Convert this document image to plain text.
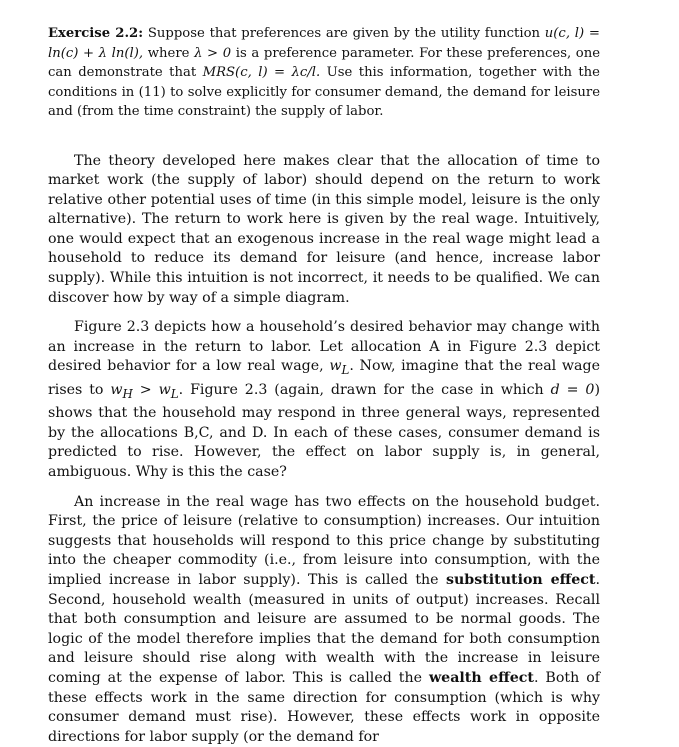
Exercise 2.2: Suppose that preferences are given by the utility function u(c, l) = ln(c) + λ ln(l), where λ > 0 is a preference parameter. For these preferences, one can demonstrate that MRS(c, l) = λc/l. Use this information, together with the conditions in (11) to solve explicitly for consumer demand, the demand for leisure and (from the time constraint) the supply of labor.

The theory developed here makes clear that the allocation of time to market work (the supply of labor) should depend on the return to work relative other potential uses of time (in this simple model, leisure is the only alternative). The return to work here is given by the real wage. Intuitively, one would expect that an exogenous increase in the real wage might lead a household to reduce its demand for leisure (and hence, increase labor supply). While this intuition is not incorrect, it needs to be qualified. We can discover how by way of a simple diagram.

Figure 2.3 depicts how a household’s desired behavior may change with an increase in the return to labor. Let allocation A in Figure 2.3 depict desired behavior for a low real wage, $w_L$. Now, imagine that the real wage rises to $w_H > w_L$. Figure 2.3 (again, drawn for the case in which d = 0) shows that the household may respond in three general ways, represented by the allocations B,C, and D. In each of these cases, consumer demand is predicted to rise. However, the effect on labor supply is, in general, ambiguous. Why is this the case?

An increase in the real wage has two effects on the household budget. First, the price of leisure (relative to consumption) increases. Our intuition suggests that households will respond to this price change by substituting into the cheaper commodity (i.e., from leisure into consumption, with the implied increase in labor supply). This is called the substitution effect. Second, household wealth (measured in units of output) increases. Recall that both consumption and leisure are assumed to be normal goods. The logic of the model therefore implies that the demand for both consumption and leisure should rise along with wealth with the increase in leisure coming at the expense of labor. This is called the wealth effect. Both of these effects work in the same direction for consumption (which is why consumer demand must rise). However, these effects work in opposite directions for labor supply (or the demand for
